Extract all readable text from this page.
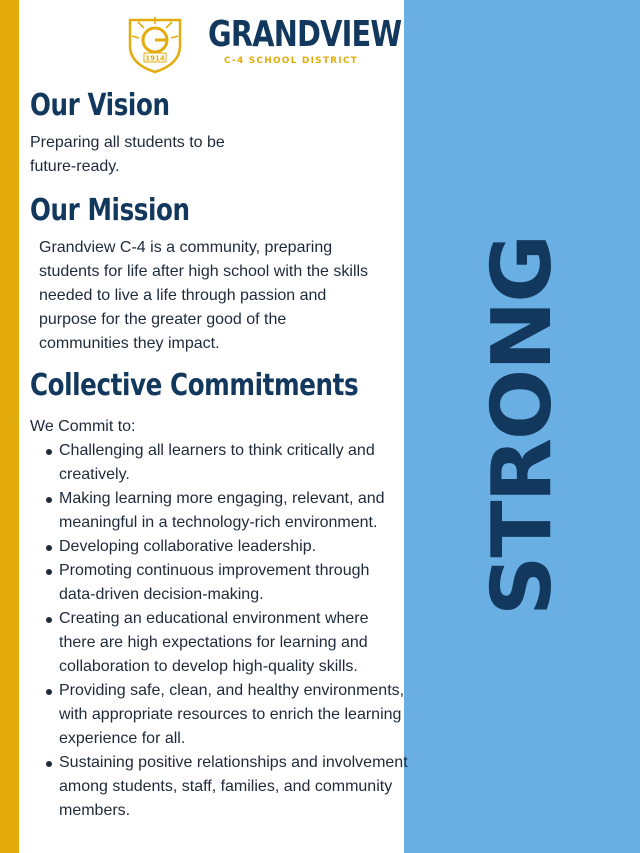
STRONG
1914
GRANDVIEW
C-4 SCHOOL DISTRICT
Our Vision

Preparing all students to be future-ready.

Our Mission

Grandview C-4 is a community, preparing students for life after high school with the skills needed to live a life through passion and purpose for the greater good of the communities they impact.

Collective Commitments

We Commit to:

Challenging all learners to think critically and creatively.
Making learning more engaging, relevant, and meaningful in a technology-rich environment.
Developing collaborative leadership.
Promoting continuous improvement through data-driven decision-making.
Creating an educational environment where there are high expectations for learning and collaboration to develop high-quality skills.
Providing safe, clean, and healthy environments, with appropriate resources to enrich the learning experience for all.
Sustaining positive relationships and involvement among students, staff, families, and community members.
